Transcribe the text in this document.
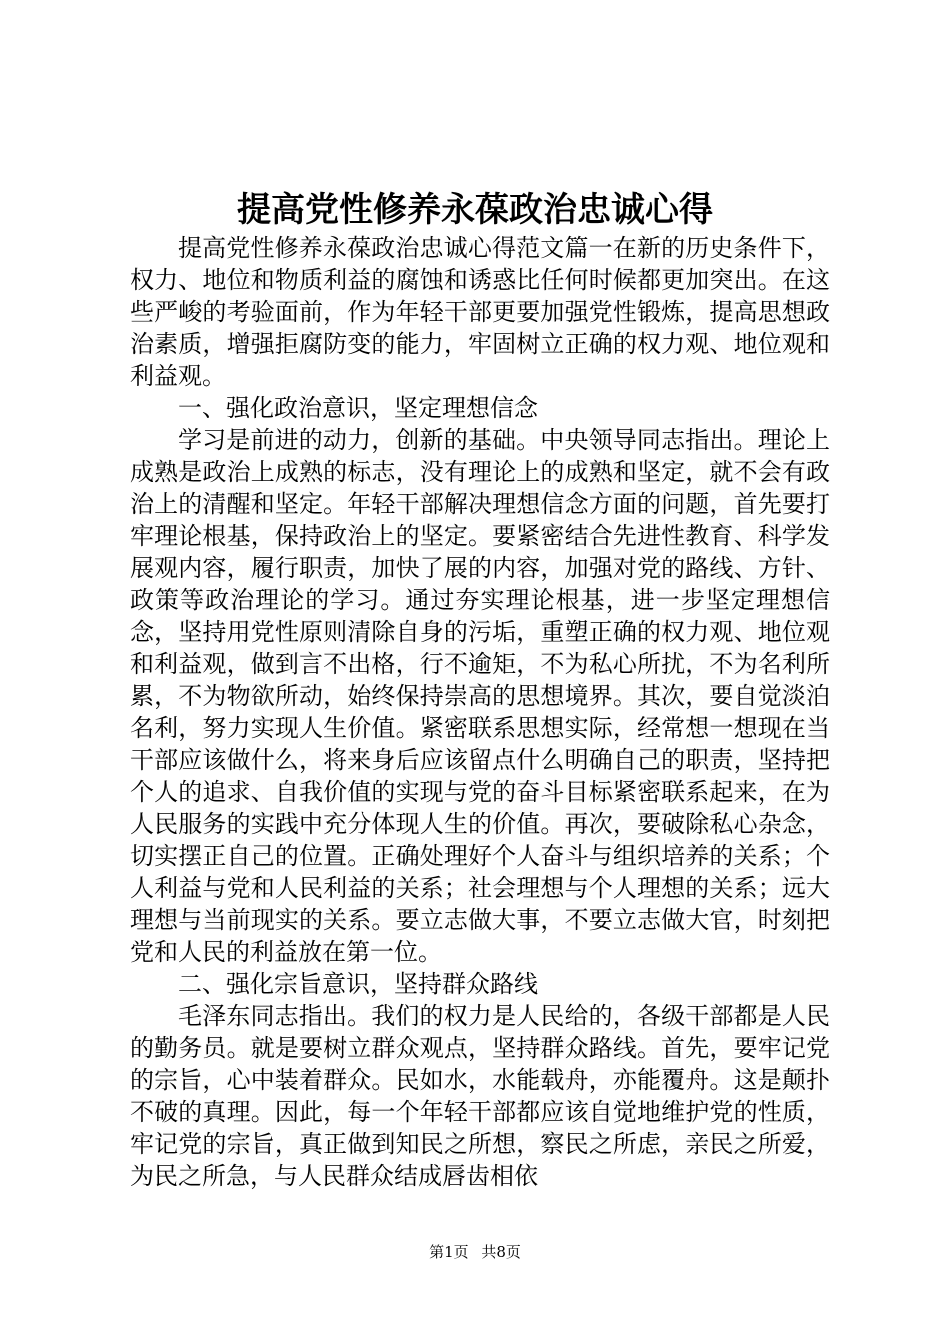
提高党性修养永葆政治忠诚心得

提高党性修养永葆政治忠诚心得范文篇一在新的历史条件下，权力、地位和物质利益的腐蚀和诱惑比任何时候都更加突出。在这些严峻的考验面前，作为年轻干部更要加强党性锻炼，提高思想政治素质，增强拒腐防变的能力，牢固树立正确的权力观、地位观和利益观。

一、强化政治意识，坚定理想信念

学习是前进的动力，创新的基础。中央领导同志指出。理论上成熟是政治上成熟的标志，没有理论上的成熟和坚定，就不会有政治上的清醒和坚定。年轻干部解决理想信念方面的问题，首先要打牢理论根基，保持政治上的坚定。要紧密结合先进性教育、科学发展观内容，履行职责，加快了展的内容，加强对党的路线、方针、政策等政治理论的学习。通过夯实理论根基，进一步坚定理想信念，坚持用党性原则清除自身的污垢，重塑正确的权力观、地位观和利益观，做到言不出格，行不逾矩，不为私心所扰，不为名利所累，不为物欲所动，始终保持崇高的思想境界。其次，要自觉淡泊名利，努力实现人生价值。紧密联系思想实际，经常想一想现在当干部应该做什么，将来身后应该留点什么明确自己的职责，坚持把个人的追求、自我价值的实现与党的奋斗目标紧密联系起来，在为人民服务的实践中充分体现人生的价值。再次，要破除私心杂念，切实摆正自己的位置。正确处理好个人奋斗与组织培养的关系；个人利益与党和人民利益的关系；社会理想与个人理想的关系；远大理想与当前现实的关系。要立志做大事，不要立志做大官，时刻把党和人民的利益放在第一位。

二、强化宗旨意识，坚持群众路线

毛泽东同志指出。我们的权力是人民给的，各级干部都是人民的勤务员。就是要树立群众观点，坚持群众路线。首先，要牢记党的宗旨，心中装着群众。民如水，水能载舟，亦能覆舟。这是颠扑不破的真理。因此，每一个年轻干部都应该自觉地维护党的性质，牢记党的宗旨，真正做到知民之所想，察民之所虑，亲民之所爱，为民之所急，与人民群众结成唇齿相依

第1页 共8页
